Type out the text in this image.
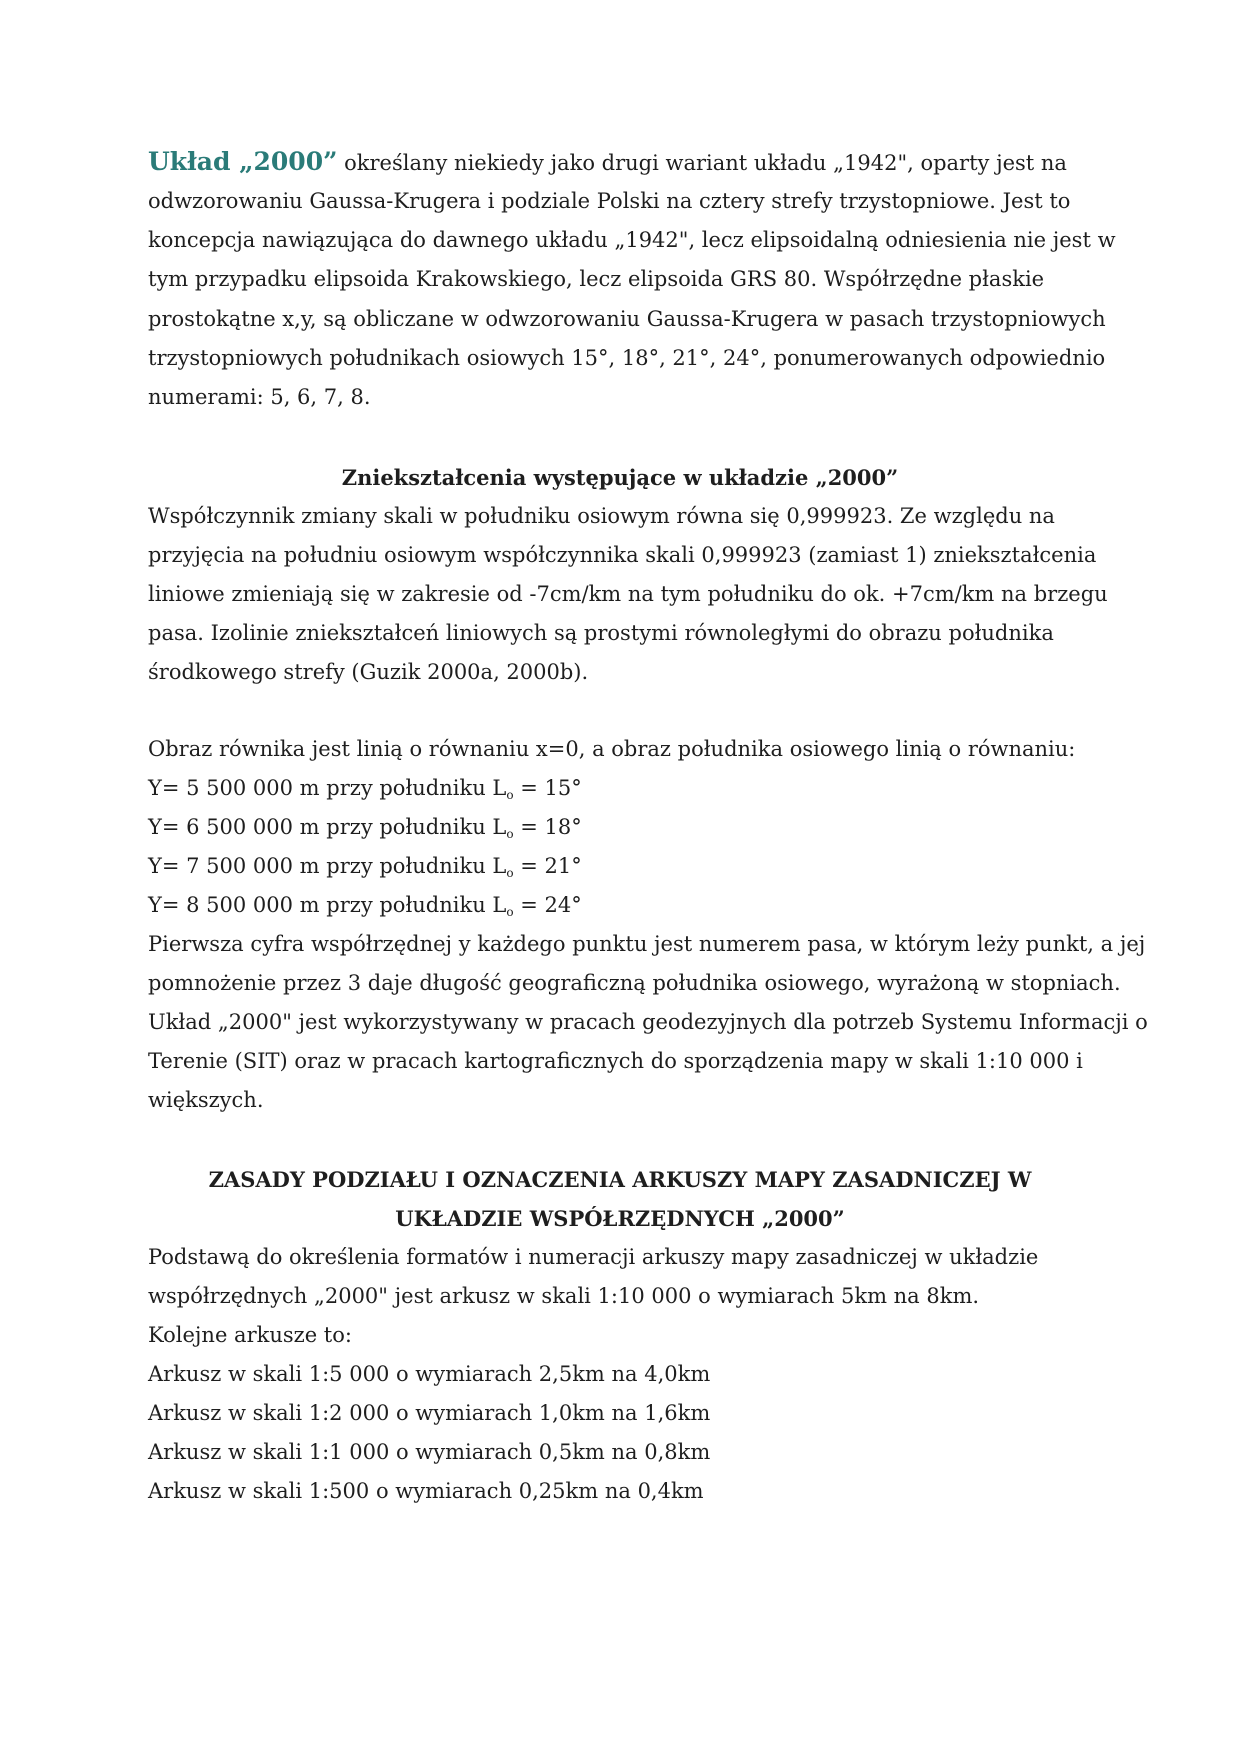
Układ „2000” określany niekiedy jako drugi wariant układu „1942", oparty jest na

odwzorowaniu Gaussa-Krugera i podziale Polski na cztery strefy trzystopniowe. Jest to

koncepcja nawiązująca do dawnego układu „1942", lecz elipsoidalną odniesienia nie jest w

tym przypadku elipsoida Krakowskiego, lecz elipsoida GRS 80. Współrzędne płaskie

prostokątne x,y, są obliczane w odwzorowaniu Gaussa-Krugera w pasach trzystopniowych

trzystopniowych południkach osiowych 15°, 18°, 21°, 24°, ponumerowanych odpowiednio

numerami: 5, 6, 7, 8.

Zniekształcenia występujące w układzie „2000”

Współczynnik zmiany skali w południku osiowym równa się 0,999923. Ze względu na

przyjęcia na południu osiowym współczynnika skali 0,999923 (zamiast 1) zniekształcenia

liniowe zmieniają się w zakresie od -7cm/km na tym południku do ok. +7cm/km na brzegu

pasa. Izolinie zniekształceń liniowych są prostymi równoległymi do obrazu południka

środkowego strefy (Guzik 2000a, 2000b).

Obraz równika jest linią o równaniu x=0, a obraz południka osiowego linią o równaniu:

Y= 5 500 000 m przy południku $L_o = 15^\circ$

Y= 6 500 000 m przy południku $L_o = 18^\circ$

Y= 7 500 000 m przy południku $L_o = 21^\circ$

Y= 8 500 000 m przy południku $L_o = 24^\circ$

Pierwsza cyfra współrzędnej y każdego punktu jest numerem pasa, w którym leży punkt, a jej

pomnożenie przez 3 daje długość geograficzną południka osiowego, wyrażoną w stopniach.

Układ „2000" jest wykorzystywany w pracach geodezyjnych dla potrzeb Systemu Informacji o

Terenie (SIT) oraz w pracach kartograficznych do sporządzenia mapy w skali 1:10 000 i

większych.

ZASADY PODZIAŁU I OZNACZENIA ARKUSZY MAPY ZASADNICZEJ W
UKŁADZIE WSPÓŁRZĘDNYCH „2000”

Podstawą do określenia formatów i numeracji arkuszy mapy zasadniczej w układzie

współrzędnych „2000" jest arkusz w skali 1:10 000 o wymiarach 5km na 8km.

Kolejne arkusze to:

Arkusz w skali 1:5 000 o wymiarach 2,5km na 4,0km

Arkusz w skali 1:2 000 o wymiarach 1,0km na 1,6km

Arkusz w skali 1:1 000 o wymiarach 0,5km na 0,8km

Arkusz w skali 1:500 o wymiarach 0,25km na 0,4km
